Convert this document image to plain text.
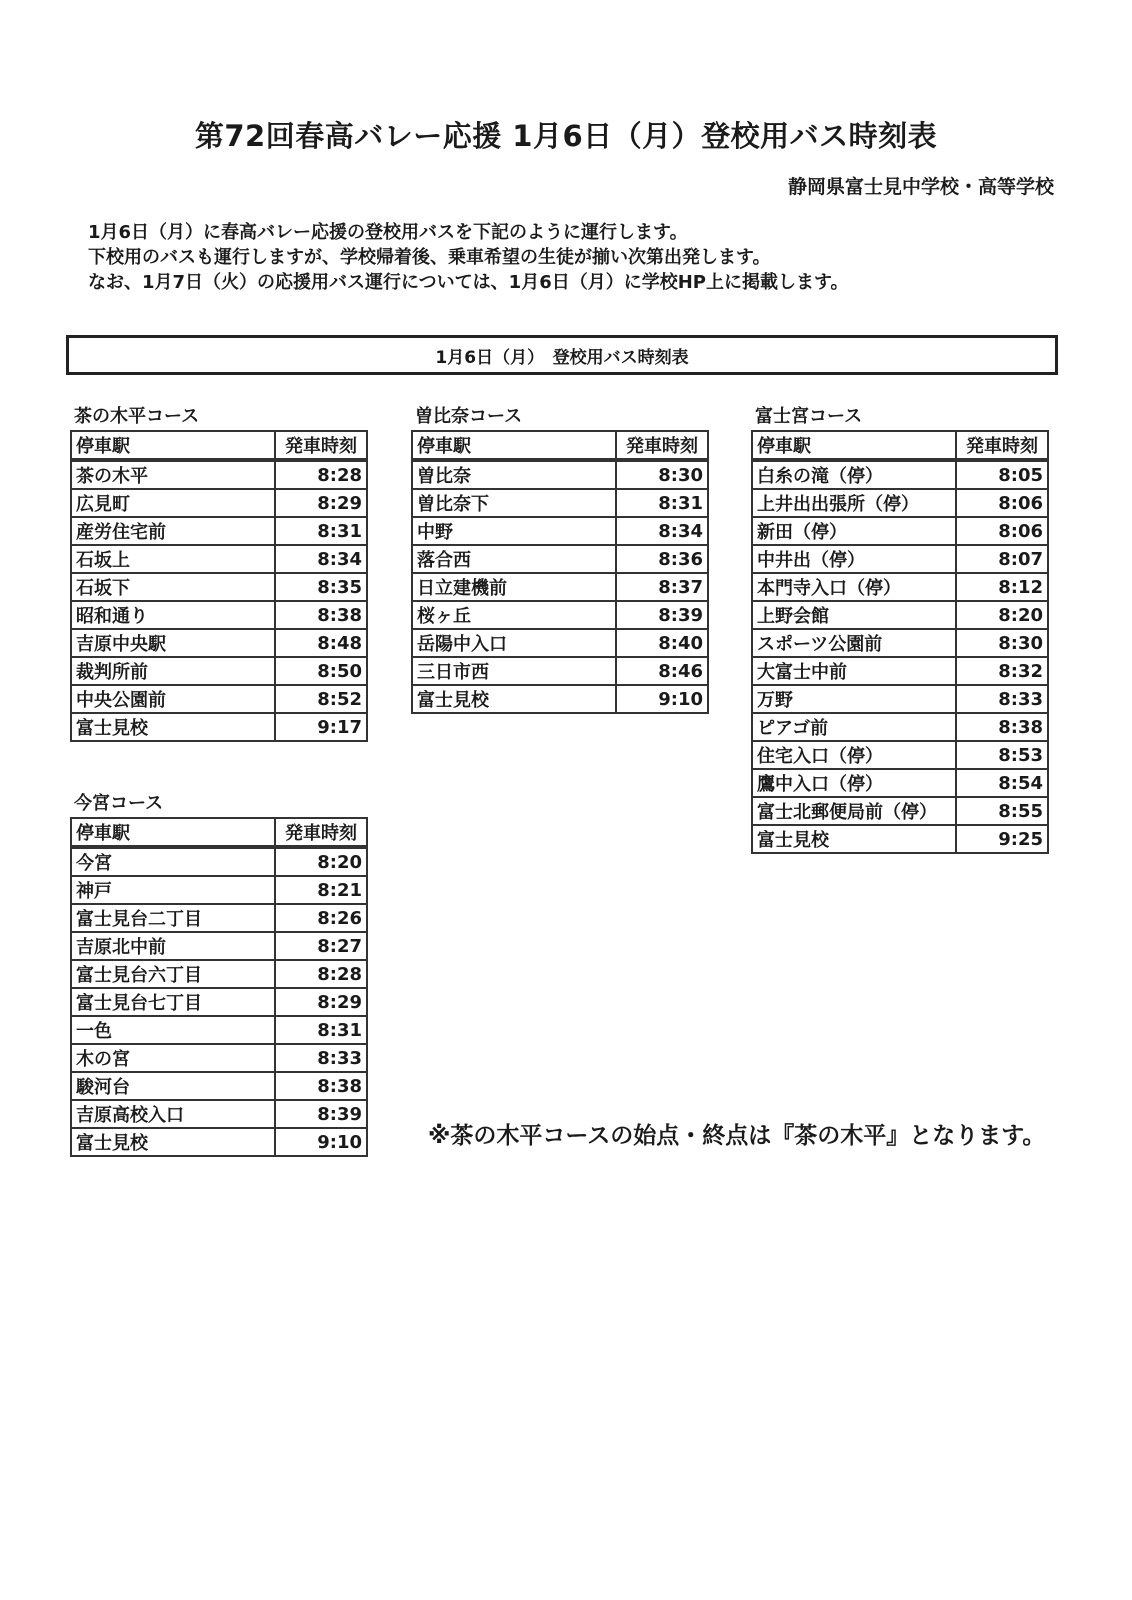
第72回春高バレー応援 1月6日（月）登校用バス時刻表
静岡県富士見中学校・高等学校
1月6日（月）に春高バレー応援の登校用バスを下記のように運行します。
下校用のバスも運行しますが、学校帰着後、乗車希望の生徒が揃い次第出発します。
なお、1月7日（火）の応援用バス運行については、1月6日（月）に学校HP上に掲載します。
1月6日（月）　登校用バス時刻表
茶の木平コース
停車駅	発車時刻
茶の木平	8:28
広見町	8:29
産労住宅前	8:31
石坂上	8:34
石坂下	8:35
昭和通り	8:38
吉原中央駅	8:48
裁判所前	8:50
中央公園前	8:52
富士見校	9:17
曽比奈コース
停車駅	発車時刻
曽比奈	8:30
曽比奈下	8:31
中野	8:34
落合西	8:36
日立建機前	8:37
桜ヶ丘	8:39
岳陽中入口	8:40
三日市西	8:46
富士見校	9:10
富士宮コース
停車駅	発車時刻
白糸の滝（停）	8:05
上井出出張所（停）	8:06
新田（停）	8:06
中井出（停）	8:07
本門寺入口（停）	8:12
上野会館	8:20
スポーツ公園前	8:30
大富士中前	8:32
万野	8:33
ピアゴ前	8:38
住宅入口（停）	8:53
鷹中入口（停）	8:54
富士北郵便局前（停）	8:55
富士見校	9:25
今宮コース
停車駅	発車時刻
今宮	8:20
神戸	8:21
富士見台二丁目	8:26
吉原北中前	8:27
富士見台六丁目	8:28
富士見台七丁目	8:29
一色	8:31
木の宮	8:33
駿河台	8:38
吉原高校入口	8:39
富士見校	9:10	※茶の木平コースの始点・終点は『茶の木平』となります。
